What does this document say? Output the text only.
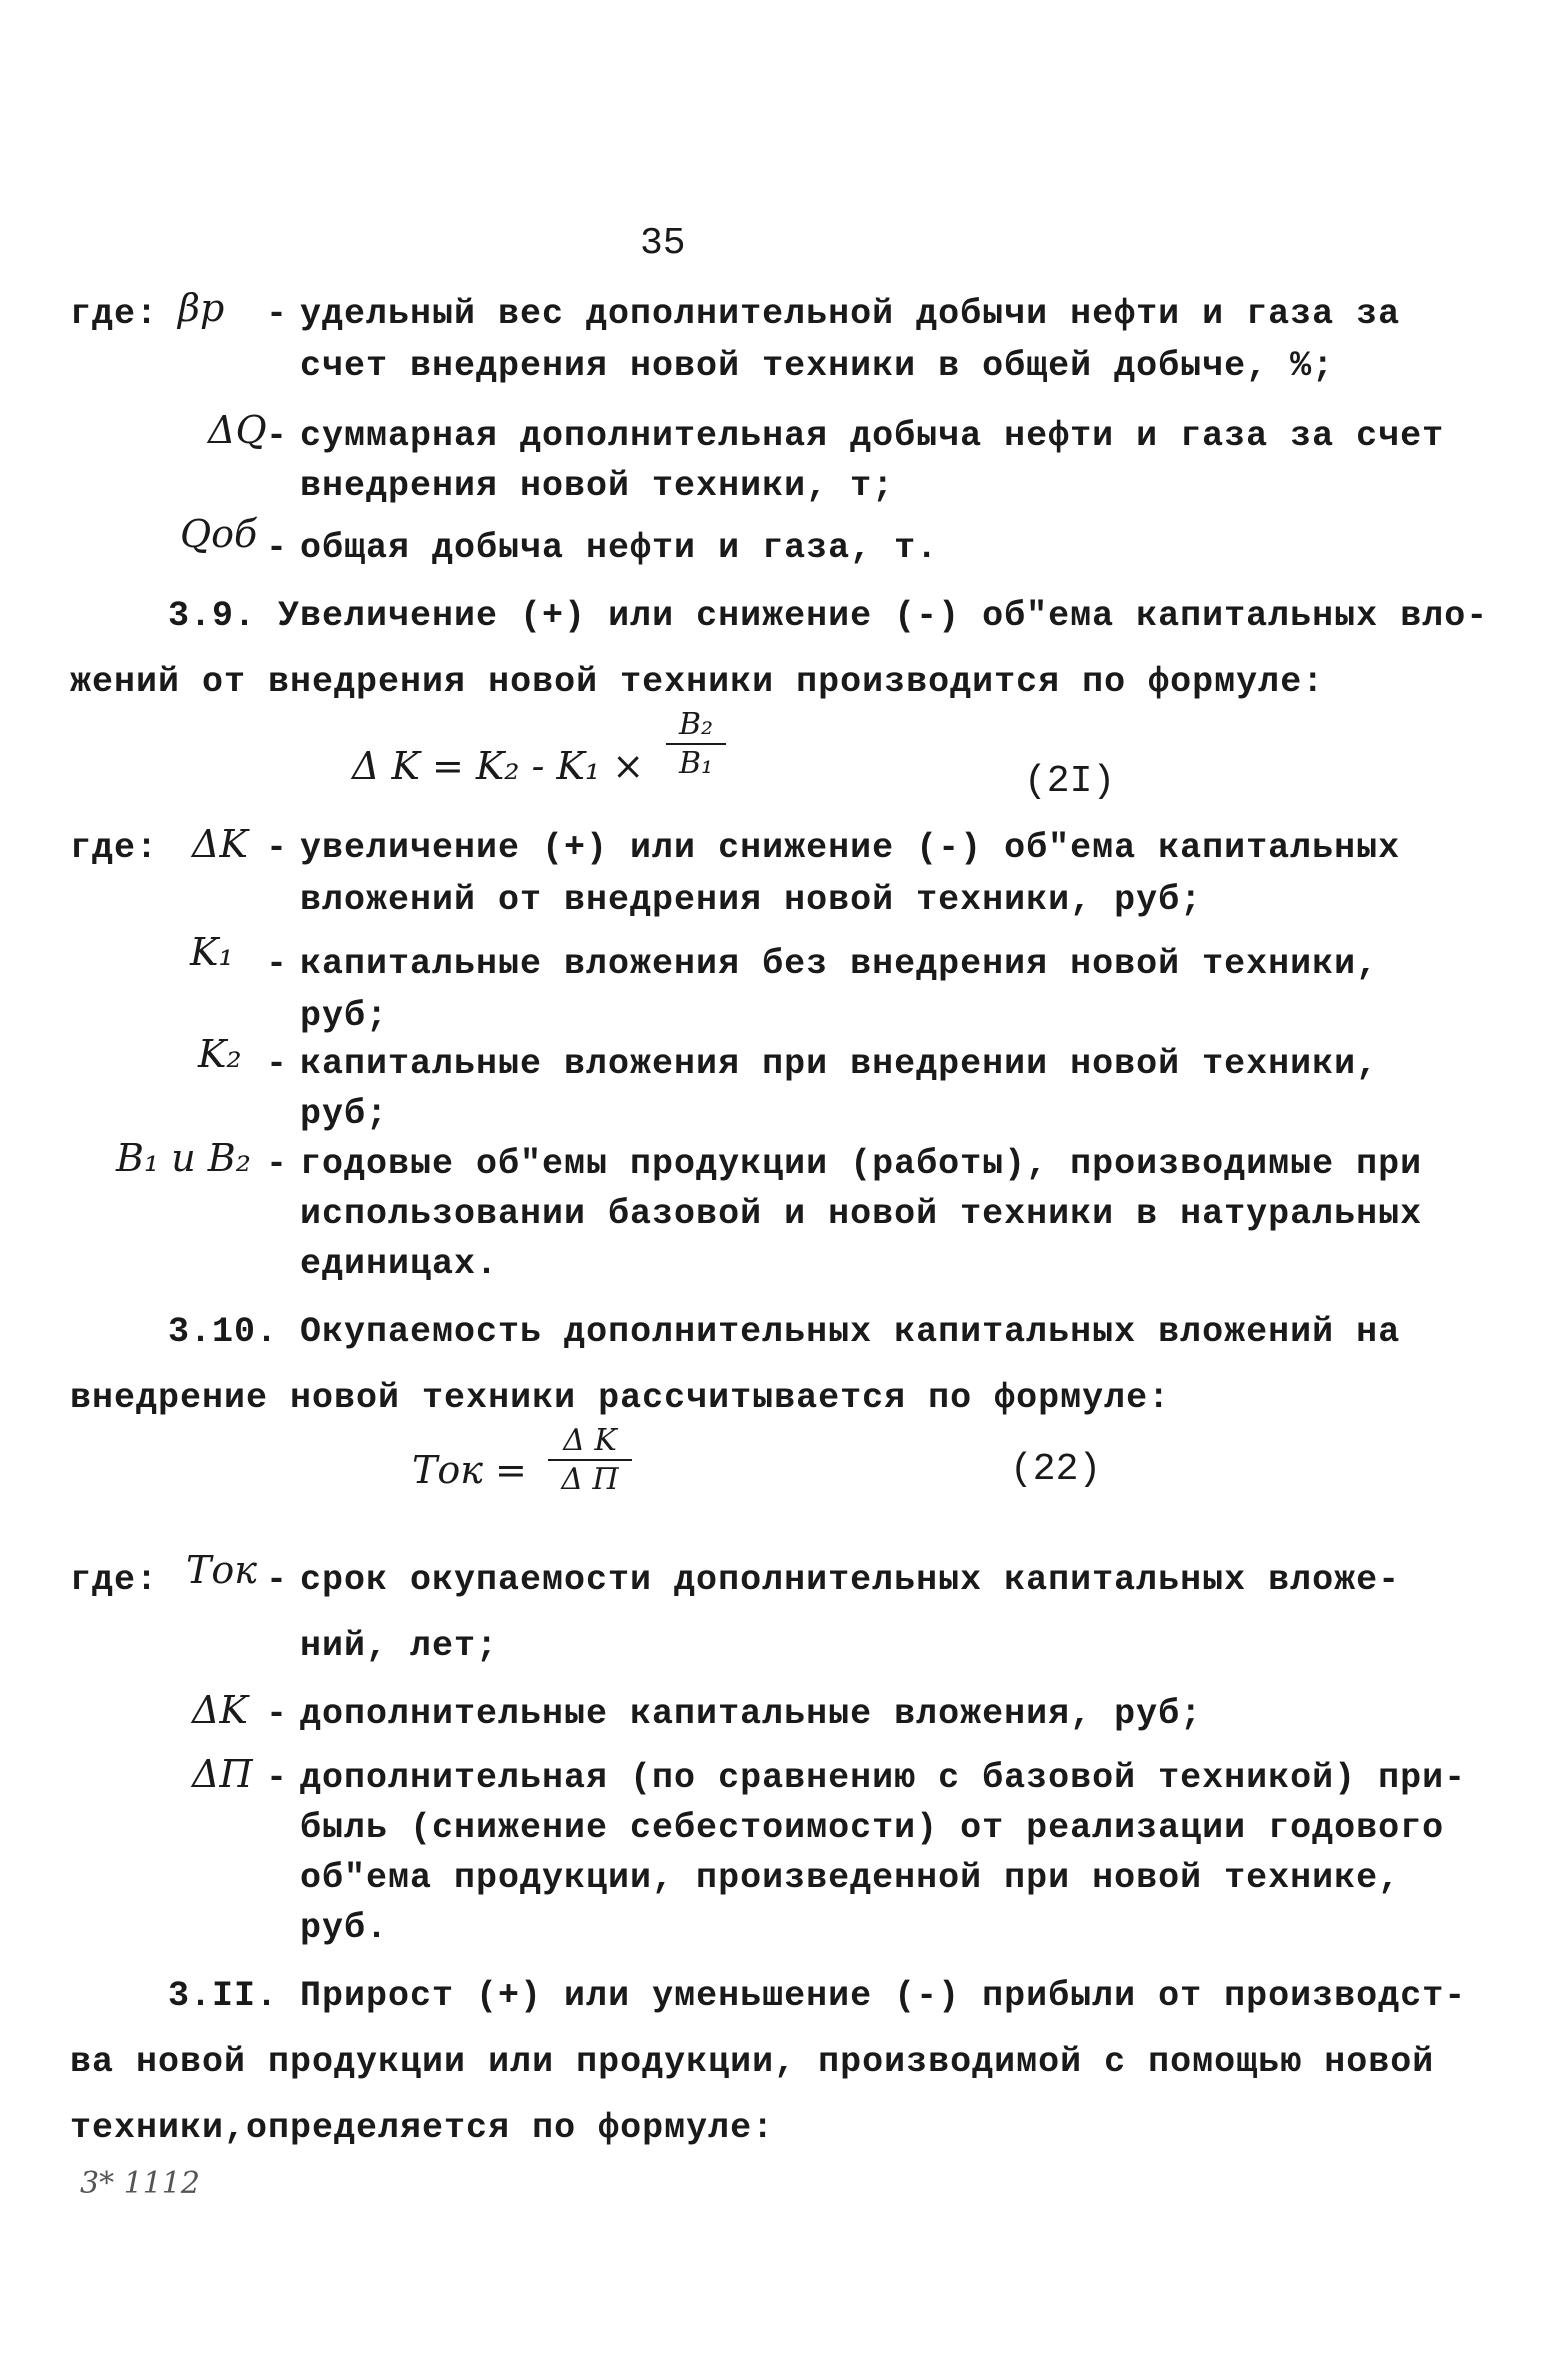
35
где: βp - удельный вес дополнительной добычи нефти и газа за
счет внедрения новой техники в общей добыче, %;
ΔQ - суммарная дополнительная добыча нефти и газа за счет
внедрения новой техники, т;
Qоб - общая добыча нефти и газа, т.
3.9. Увеличение (+) или снижение (-) об"ема капитальных вло-
жений от внедрения новой техники производится по формуле:
Δ K = K₂ - K₁ ×
B₂
B₁	(2I)
где: ΔK - увеличение (+) или снижение (-) об"ема капитальных
вложений от внедрения новой техники, руб;
K₁ - капитальные вложения без внедрения новой техники,
руб;
K₂ - капитальные вложения при внедрении новой техники,
руб;
B₁ и B₂ - годовые об"емы продукции (работы), производимые при
использовании базовой и новой техники в натуральных
единицах.
3.10. Окупаемость дополнительных капитальных вложений на
внедрение новой техники рассчитывается по формуле:
Tок =
Δ K
Δ П	(22)
где: Tок - срок окупаемости дополнительных капитальных вложе-
ний, лет;
ΔK - дополнительные капитальные вложения, руб;
ΔП - дополнительная (по сравнению с базовой техникой) при-
быль (снижение себестоимости) от реализации годового
об"ема продукции, произведенной при новой технике,
руб.
3.II. Прирост (+) или уменьшение (-) прибыли от производст-
ва новой продукции или продукции, производимой с помощью новой
техники,определяется по формуле:
3* 1112
